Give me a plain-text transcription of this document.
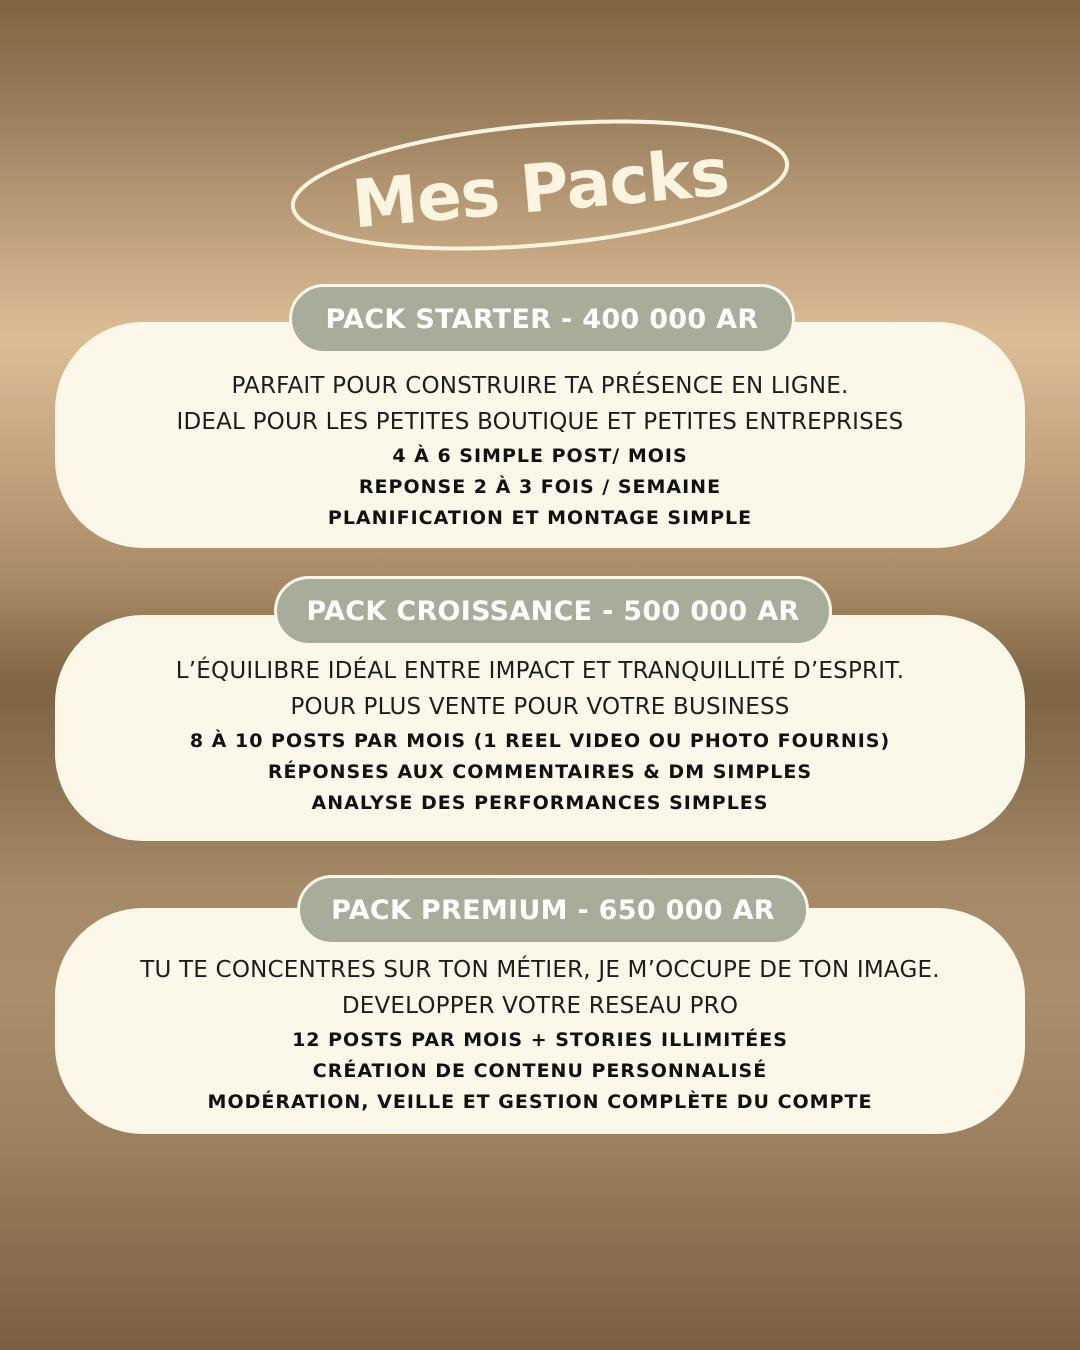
Mes Packs

PARFAIT POUR CONSTRUIRE TA PRÉSENCE EN LIGNE.

IDEAL POUR LES PETITES BOUTIQUE ET PETITES ENTREPRISES

4 À 6 SIMPLE POST/ MOIS

REPONSE 2 À 3 FOIS / SEMAINE

PLANIFICATION ET MONTAGE SIMPLE

PACK STARTER - 400 000 AR

L’ÉQUILIBRE IDÉAL ENTRE IMPACT ET TRANQUILLITÉ D’ESPRIT.

POUR PLUS VENTE POUR VOTRE BUSINESS

8 À 10 POSTS PAR MOIS (1 REEL VIDEO OU PHOTO FOURNIS)

RÉPONSES AUX COMMENTAIRES & DM SIMPLES

ANALYSE DES PERFORMANCES SIMPLES

PACK CROISSANCE - 500 000 AR

TU TE CONCENTRES SUR TON MÉTIER, JE M’OCCUPE DE TON IMAGE.

DEVELOPPER VOTRE RESEAU PRO

12 POSTS PAR MOIS + STORIES ILLIMITÉES

CRÉATION DE CONTENU PERSONNALISÉ

MODÉRATION, VEILLE ET GESTION COMPLÈTE DU COMPTE

PACK PREMIUM - 650 000 AR
